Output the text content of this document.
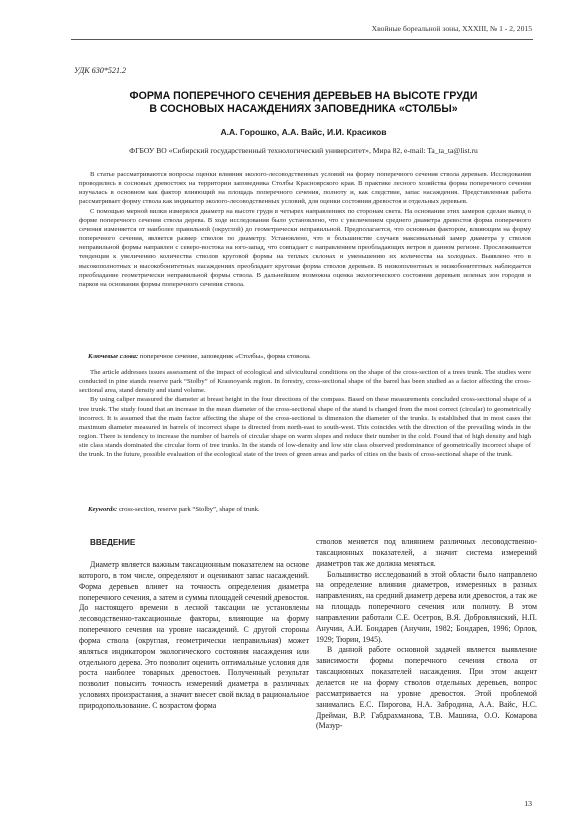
Хвойные бореальной зоны, XXXIII, № 1 - 2, 2015
УДК 630*521.2
ФОРМА ПОПЕРЕЧНОГО СЕЧЕНИЯ ДЕРЕВЬЕВ НА ВЫСОТЕ ГРУДИ
В СОСНОВЫХ НАСАЖДЕНИЯХ ЗАПОВЕДНИКА «СТОЛБЫ»
А.А. Горошко, А.А. Вайс, И.И. Красиков
ФГБОУ ВО «Сибирский государственный технологический университет», Мира 82, e-mail: Ta_ta_ta@list.ru

В статье рассматриваются вопросы оценки влияния эколого-лесоводственных условий на форму поперечного сечения ствола деревьев. Исследования проводились в сосновых древостоях на территории заповедника Столбы Красноярского края. В практике лесного хозяйства форма поперечного сечения изучалась в основном как фактор влияющий на площадь поперечного сечения, полноту и, как следствие, запас насаждения. Представленная работа рассматривает форму ствола как индикатор эколого-лесоводственных условий, для оценки состояния древостоя и отдельных деревьев.

С помощью мерной вилки измерялся диаметр на высоте груди в четырех направлениях по сторонам света. На основании этих замеров сделан вывод о форме поперечного сечения ствола дерева. В ходе исследования было установлено, что с увеличением среднего диаметра древостоя форма поперечного сечения изменяется от наиболее правильной (округлой) до геометрически неправильной. Предполагается, что основным фактором, влияющим на форму поперечного сечения, является размер стволов по диаметру. Установлено, что в большинстве случаев максимальный замер диаметра у стволов неправильной формы направлен с северо-востока на юго-запад, что совпадает с направлением преобладающих ветров в данном регионе. Прослеживается тенденция к увеличению количества стволов круговой формы на теплых склонах и уменьшению их количества на холодных. Выявлено что в высокополнотных и высокобонитетных насаждениях преобладает круговая форма стволов деревьев. В низкополнотных и низкобонитетных наблюдается преобладание геометрически неправильной формы ствола. В дальнейшем возможна оценка экологического состояния деревьев зеленых зон городов и парков на основании формы поперечного сечения ствола.

Ключевые слова: поперечное сечение, заповедник «Столбы», форма стовола.

The article addresses issues assessment of the impact of ecological and silvicultural conditions on the shape of the cross-section of a trees trunk. The studies were conducted in pine stands reserve park “Stolby” of Krasnoyarsk region. In forestry, cross-sectional shape of the barrel has been studied as a factor affecting the cross-sectional area, stand density and stand volume.

By using caliper measured the diameter at breast height in the four directions of the compass. Based on these measurements concluded cross-sectional shape of a tree trunk. The study found that an increase in the mean diameter of the cross-sectional shape of the stand is changed from the most correct (circular) to geometrically incorrect. It is assumed that the main factor affecting the shape of the cross-sectional is dimension the diameter of the trunks. Is established that in most cases the maximum diameter measured in barrels of incorrect shape is directed from north-east to south-west. This coincides with the direction of the prevailing winds in the region. There is tendency to increase the number of barrels of circular shape on warm slopes and reduce their number in the cold. Found that of high density and high site class stands dominated the circular form of tree trunks. In the stands of low-density and low site class observed predominance of geometrically incorrect shape of the trunk. In the future, possible evaluation of the ecological state of the trees of green areas and parks of cities on the basis of cross-sectional shape of the trunk.

Keywords: cross-section, reserve park “Stolby”, shape of trunk.
ВВЕДЕНИЕ

Диаметр является важным таксационным показателем на основе которого, в том числе, определяют и оценивают запас насаждений. Форма деревьев влияет на точность определения диаметра поперечного сечения, а затем и суммы площадей сечений древостоя. До настоящего времени в лесной таксации не установлены лесоводственно-таксационные факторы, влияющие на форму поперечного сечения на уровне насаждений. С другой стороны форма ствола (округлая, геометрически неправильная) может являться индикатором экологического состояния насаждения или отдельного дерева. Это позволит оценить оптимальные условия для роста наиболее товарных древостоев. Полученный результат позволит повысить точность измерений диаметра в различных условиях произрастания, а значит внесет свой вклад в рациональное природопользование. С возрастом форма

стволов меняется под влиянием различных лесоводственно-таксационных показателей, а значит система измерений диаметров так же должна меняться.

Большинство исследований в этой области было направлено на определение влияния диаметров, измеренных в разных направлениях, на средний диаметр дерева или древостоя, а так же на площадь поперечного сечения или полноту. В этом направлении работали С.Е. Осетров, В.Я. Добровлянский, Н.П. Анучин, А.И. Бондарев (Анучин, 1982; Бондарев, 1996; Орлов, 1929; Тюрин, 1945).

В данной работе основной задачей является выявление зависимости формы поперечного сечения ствола от таксационных показателей насаждения. При этом акцент делается не на форму стволов отдельных деревьев, вопрос рассматривается на уровне древостоя. Этой проблемой занимались Е.С. Пирогова, Н.А. Забродина, А.А. Вайс, Н.С. Дрейман, В.Р. Габдрахманова, Т.В. Машина, О.О. Комарова (Мазур-

13
